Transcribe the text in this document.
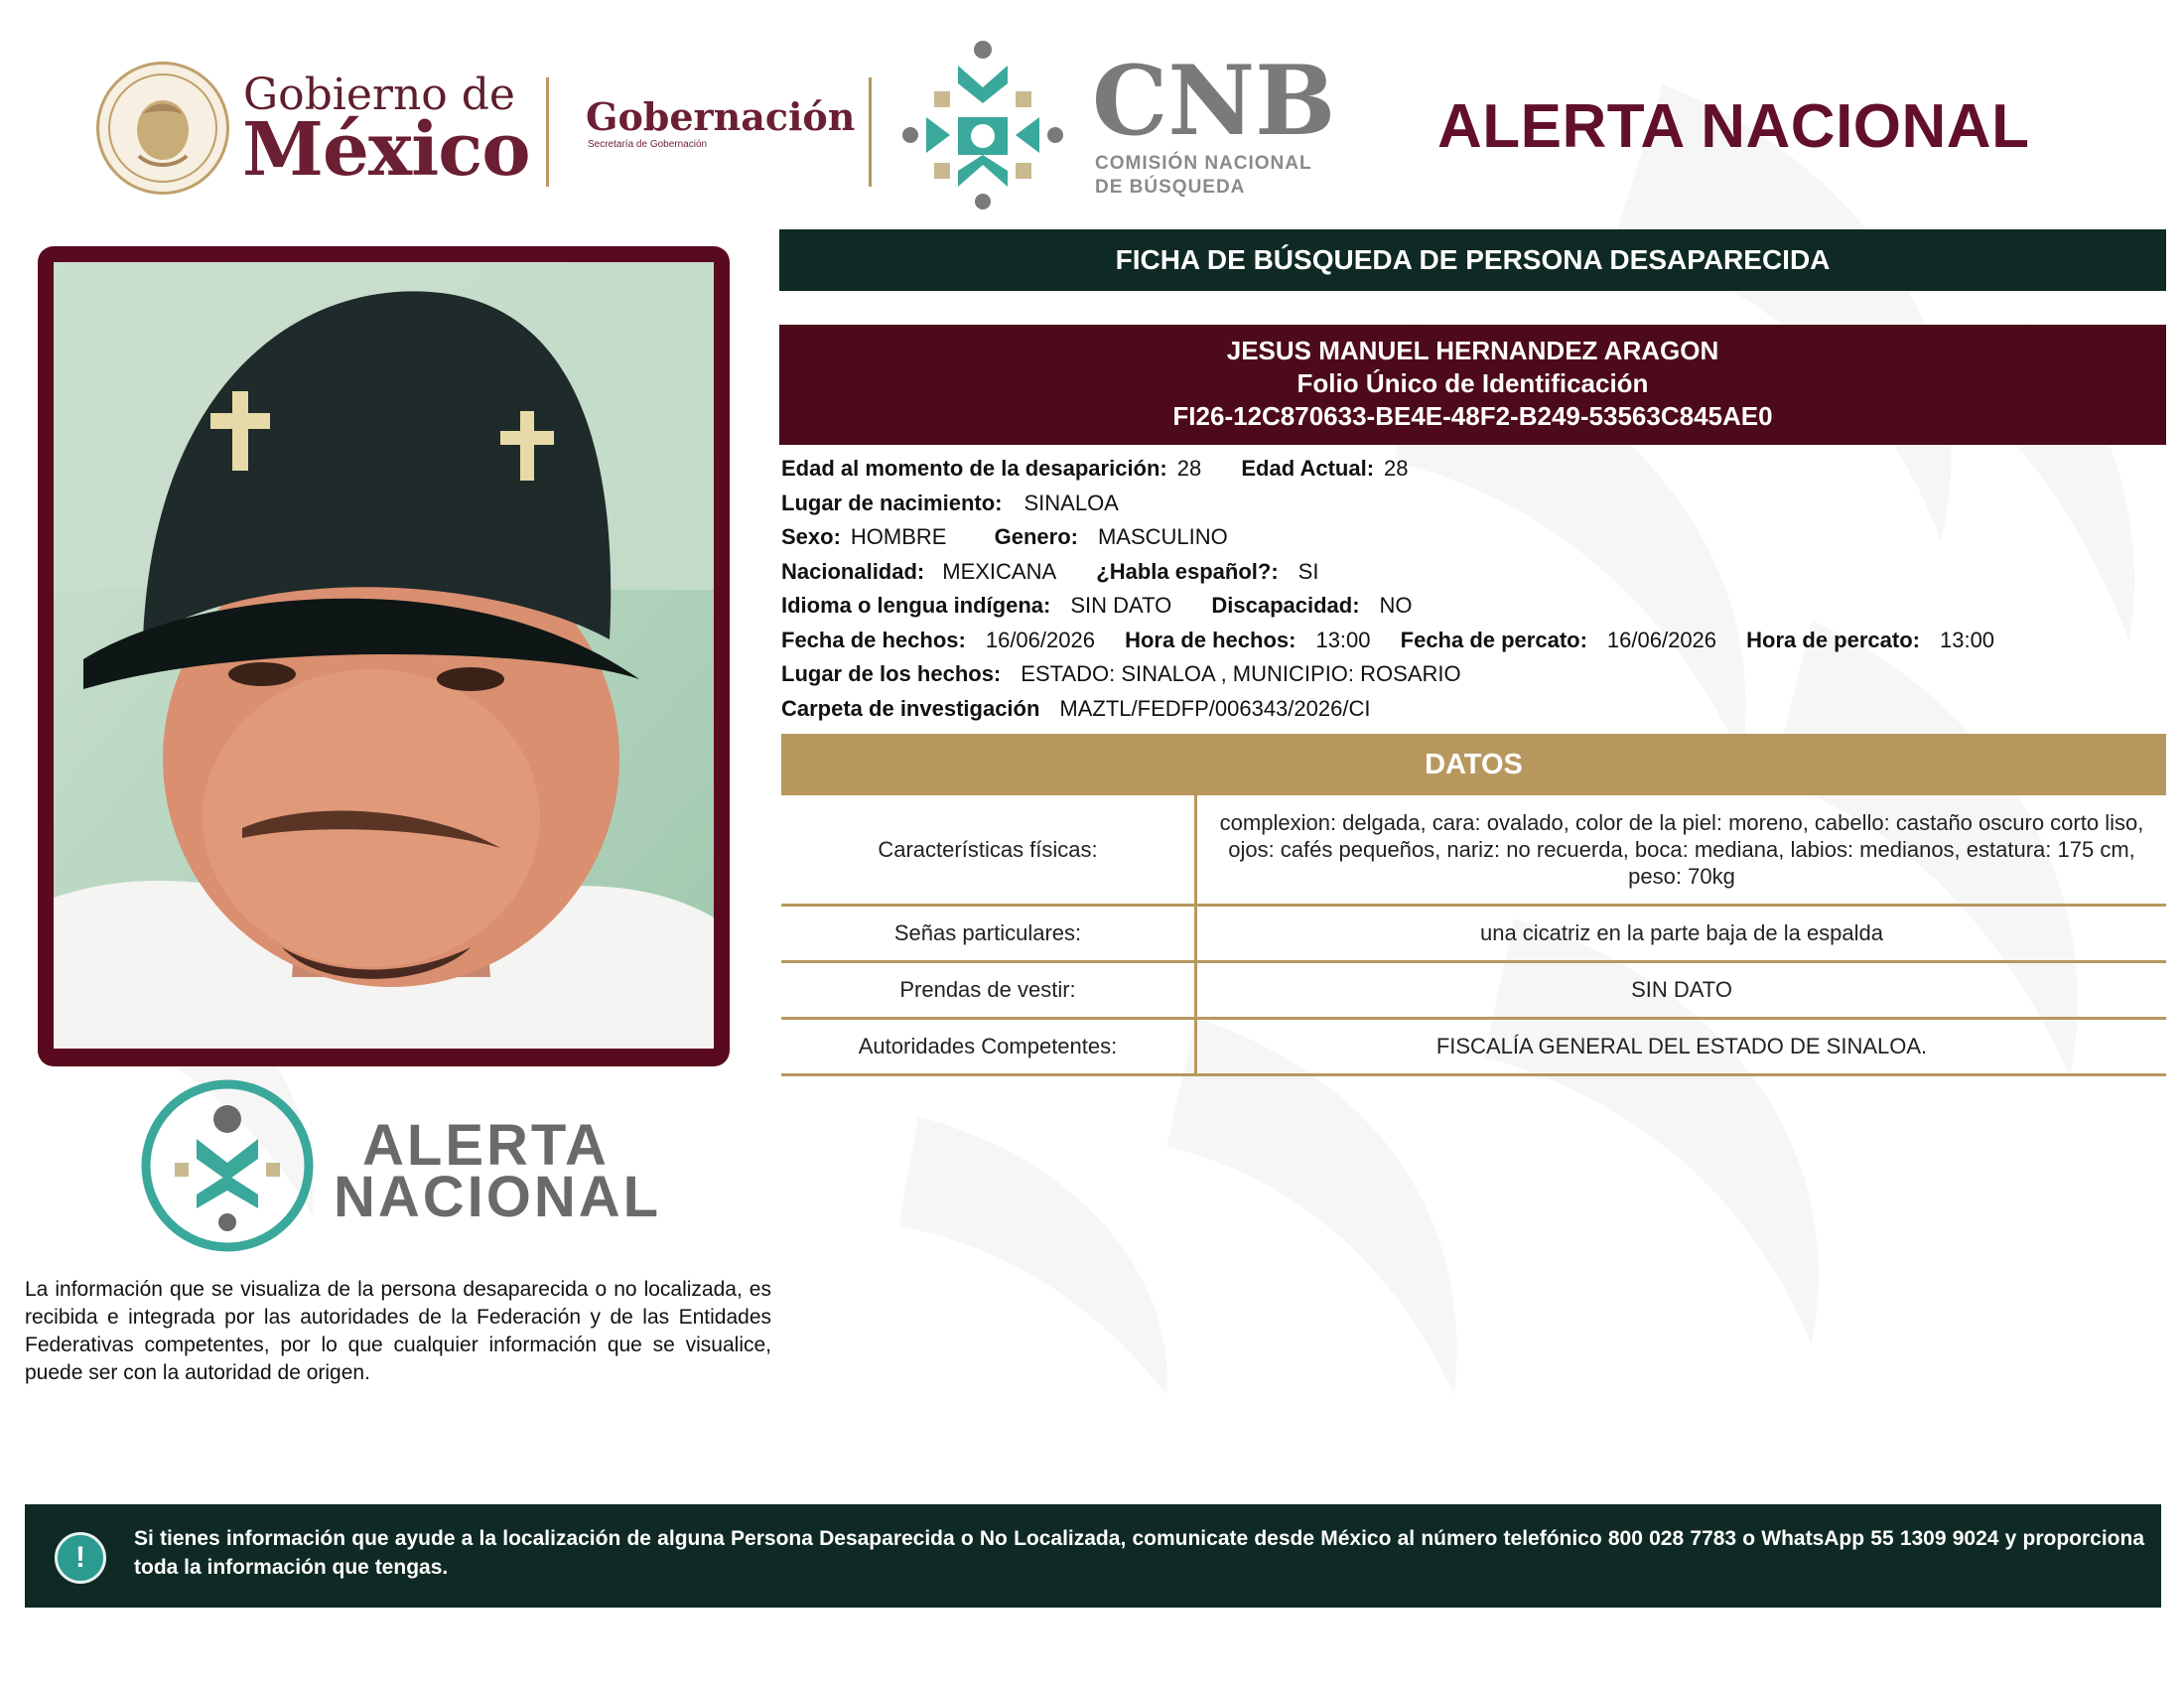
Gobierno de
México Gobernación
Secretaría de Gobernación	CNB
COMISIÓN NACIONAL
DE BÚSQUEDA
ALERTA NACIONAL
ALERTA
NACIONAL
La información que se visualiza de la persona desaparecida o no localizada, es recibida e integrada por las autoridades de la Federación y de las Entidades Federativas competentes, por lo que cualquier información que se visualice, puede ser con la autoridad de origen.
FICHA DE BÚSQUEDA DE PERSONA DESAPARECIDA
JESUS MANUEL HERNANDEZ ARAGON
Folio Único de Identificación
FI26-12C870633-BE4E-48F2-B249-53563C845AE0
Edad al momento de la desaparición: 28 Edad Actual: 28
Lugar de nacimiento: SINALOA
Sexo: HOMBRE Genero: MASCULINO
Nacionalidad: MEXICANA ¿Habla español?: SI
Idioma o lengua indígena: SIN DATO Discapacidad: NO
Fecha de hechos: 16/06/2026 Hora de hechos: 13:00 Fecha de percato: 16/06/2026 Hora de percato: 13:00
Lugar de los hechos: ESTADO: SINALOA , MUNICIPIO: ROSARIO
Carpeta de investigación MAZTL/FEDFP/006343/2026/CI
DATOS
Características físicas:	complexion: delgada, cara: ovalado, color de la piel: moreno, cabello: castaño oscuro corto liso, ojos: cafés pequeños, nariz: no recuerda, boca: mediana, labios: medianos, estatura: 175 cm, peso: 70kg
Señas particulares:	una cicatriz en la parte baja de la espalda
Prendas de vestir:	SIN DATO
Autoridades Competentes:	FISCALÍA GENERAL DEL ESTADO DE SINALOA.
!
Si tienes información que ayude a la localización de alguna Persona Desaparecida o No Localizada, comunicate desde México al número telefónico 800 028 7783 o WhatsApp 55 1309 9024 y proporciona toda la información que tengas.
